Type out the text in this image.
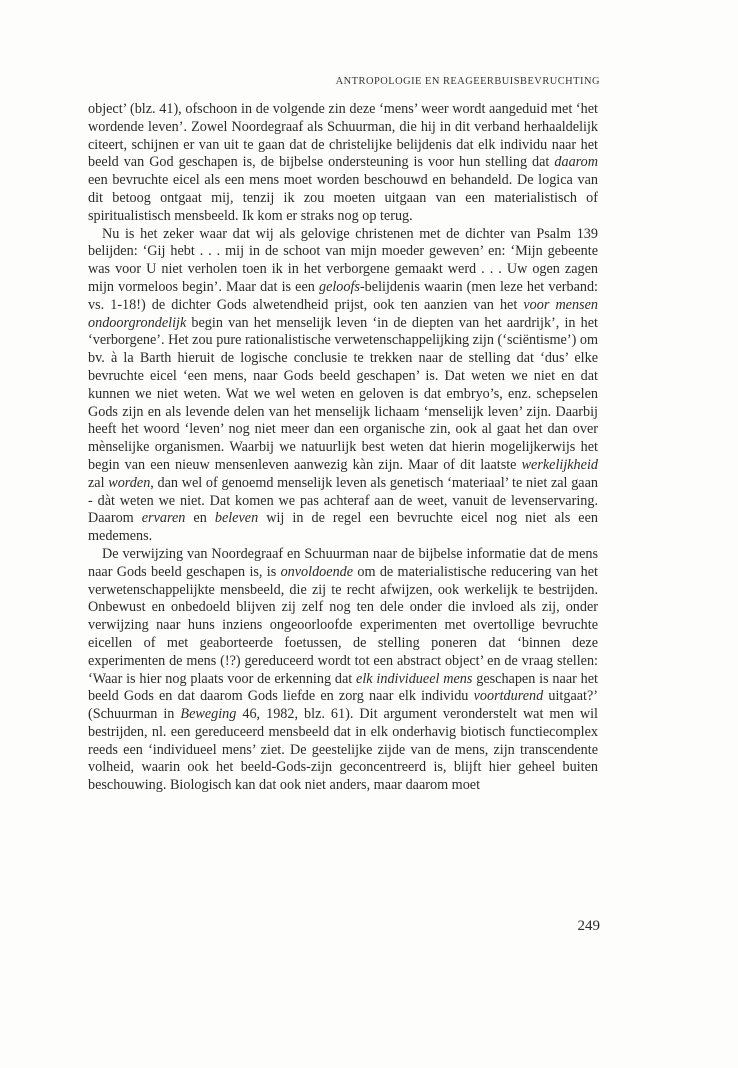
ANTROPOLOGIE EN REAGEERBUISBEVRUCHTING

object’ (blz. 41), ofschoon in de volgende zin deze ‘mens’ weer wordt aangeduid met ‘het wordende leven’. Zowel Noordegraaf als Schuurman, die hij in dit verband herhaaldelijk citeert, schijnen er van uit te gaan dat de christelijke belijdenis dat elk individu naar het beeld van God geschapen is, de bijbelse ondersteuning is voor hun stelling dat daarom een bevruchte eicel als een mens moet worden beschouwd en behandeld. De logica van dit betoog ontgaat mij, tenzij ik zou moeten uitgaan van een materialistisch of spiritualistisch mensbeeld. Ik kom er straks nog op terug.

Nu is het zeker waar dat wij als gelovige christenen met de dichter van Psalm 139 belijden: ‘Gij hebt . . . mij in de schoot van mijn moeder geweven’ en: ‘Mijn gebeente was voor U niet verholen toen ik in het verborgene gemaakt werd . . . Uw ogen zagen mijn vormeloos begin’. Maar dat is een geloofs-belijdenis waarin (men leze het verband: vs. 1-18!) de dichter Gods alwetendheid prijst, ook ten aanzien van het voor mensen ondoorgrondelijk begin van het menselijk leven ‘in de diepten van het aardrijk’, in het ‘verborgene’. Het zou pure rationalistische verwetenschappelijking zijn (‘sciëntisme’) om bv. à la Barth hieruit de logische conclusie te trekken naar de stelling dat ‘dus’ elke bevruchte eicel ‘een mens, naar Gods beeld geschapen’ is. Dat weten we niet en dat kunnen we niet weten. Wat we wel weten en geloven is dat embryo’s, enz. schepselen Gods zijn en als levende delen van het menselijk lichaam ‘menselijk leven’ zijn. Daarbij heeft het woord ‘leven’ nog niet meer dan een organische zin, ook al gaat het dan over mènselijke organismen. Waarbij we natuurlijk best weten dat hierin mogelijkerwijs het begin van een nieuw mensenleven aanwezig kàn zijn. Maar of dit laatste werkelijkheid zal worden, dan wel of genoemd menselijk leven als genetisch ‘materiaal’ te niet zal gaan - dàt weten we niet. Dat komen we pas achteraf aan de weet, vanuit de levenservaring. Daarom ervaren en beleven wij in de regel een bevruchte eicel nog niet als een medemens.

De verwijzing van Noordegraaf en Schuurman naar de bijbelse informatie dat de mens naar Gods beeld geschapen is, is onvoldoende om de materialistische reducering van het verwetenschappelijkte mensbeeld, die zij te recht afwijzen, ook werkelijk te bestrijden. Onbewust en onbedoeld blijven zij zelf nog ten dele onder die invloed als zij, onder verwijzing naar huns inziens ongeoorloofde experimenten met overtollige bevruchte eicellen of met geaborteerde foetussen, de stelling poneren dat ‘binnen deze experimenten de mens (!?) gereduceerd wordt tot een abstract object’ en de vraag stellen: ‘Waar is hier nog plaats voor de erkenning dat elk individueel mens geschapen is naar het beeld Gods en dat daarom Gods liefde en zorg naar elk individu voortdurend uitgaat?’ (Schuurman in Beweging 46, 1982, blz. 61). Dit argument veronderstelt wat men wil bestrijden, nl. een gereduceerd mensbeeld dat in elk onderhavig biotisch functiecomplex reeds een ‘individueel mens’ ziet. De geestelijke zijde van de mens, zijn transcendente volheid, waarin ook het beeld-Gods-zijn geconcentreerd is, blijft hier geheel buiten beschouwing. Biologisch kan dat ook niet anders, maar daarom moet

249
